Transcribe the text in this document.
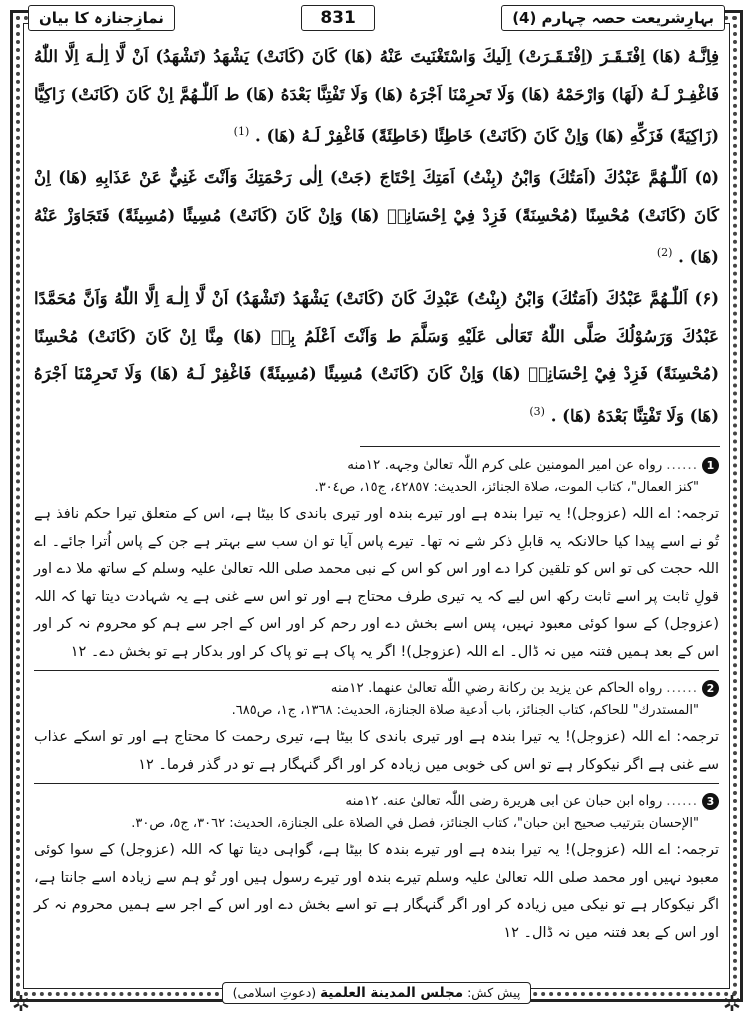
✲	✲
بہارِشریعت حصہ چہارم (4)
831
نمازِجنازہ کا بیان

فِاِنَّـهُ (هَا) اِفْتَـقَـرَ (اِفْتَـقَـرَتْ) اِلَيكَ وَاسْتَغْنَيتَ عَنْهُ (هَا) كَانَ (كَانَتْ) يَشْهَدُ (تَشْهَدُ) اَنْ لَّا اِلٰـهَ اِلَّا اللّٰهُ فَاغْفِـرْ لَـهُ (لَهَا) وَارْحَمْهُ (هَا) وَلَا تَحرِمْنَا اَجْرَهُ (هَا) وَلَا تَفْتِنَّا بَعْدَهُ (هَا) ط اَللّٰـهُمَّ اِنْ كَانَ (كَانَتْ) زَاكِيًّا (زَاكِيَةً) فَزَكِّهِ (هَا) وَاِنْ كَانَ (كَانَتْ) خَاطِئًا (خَاطِئَةً) فَاغْفِرْ لَـهُ (هَا) . $^{(1)}$

(۵) اَللّٰـهُمَّ عَبْدُكَ (اَمَتُكَ) وَابْنُ (بِنْتُ) اَمَتِكَ اِحْتَاجَ (جَتْ) اِلٰى رَحْمَتِكَ وَاَنْتَ غَنِيٌّ عَنْ عَذَابِهِ (هَا) اِنْ كَانَ (كَانَتْ) مُحْسِنًا (مُحْسِنَةً) فَزِدْ فِيْ اِحْسَانِهٖ (هَا) وَاِنْ كَانَ (كَانَتْ) مُسِيئًا (مُسِيئَةً) فَتَجَاوَزْ عَنْهُ (هَا) . $^{(2)}$

(۶) اَللّٰـهُمَّ عَبْدُكَ (اَمَتُكَ) وَابْنُ (بِنْتُ) عَبْدِكَ كَانَ (كَانَتْ) يَشْهَدُ (تَشْهَدُ) اَنْ لَّا اِلٰـهَ اِلَّا اللّٰهُ وَاَنَّ مُحَمَّدًا عَبْدُكَ وَرَسُوْلُكَ صَلَّى اللّٰهُ تَعَالٰى عَلَيْهِ وَسَلَّمَ ط وَاَنْتَ اَعْلَمُ بِهٖ (هَا) مِنَّا اِنْ كَانَ (كَانَتْ) مُحْسِنًا (مُحْسِنَةً) فَزِدْ فِيْ اِحْسَانِهٖ (هَا) وَاِنْ كَانَ (كَانَتْ) مُسِيئًا (مُسِيئَةً) فَاغْفِرْ لَـهُ (هَا) وَلَا تَحرِمْنَا اَجْرَهُ (هَا) وَلَا تَفْتِنَّا بَعْدَهُ (هَا) . $^{(3)}$

1
......
رواه عن امیر المومنین علی کرم اللّٰہ تعالیٰ وجہه. ۱۲منه

"كنز العمال"، كتاب الموت، صلاة الجنائز، الحديث: ٤٢٨٥٧، ج١٥، ص٣٠٤.

ترجمہ: اے اللہ (عزوجل)! یہ تیرا بندہ ہے اور تیرے بندہ اور تیری باندی کا بیٹا ہے، اس کے متعلق تیرا حکم نافذ ہے تُو نے اسے پیدا کیا حالانکہ یہ قابلِ ذکر شے نہ تھا۔ تیرے پاس آیا تو ان سب سے بہتر ہے جن کے پاس اُترا جائے۔ اے اللہ حجت کی تو اس کو تلقین کرا دے اور اس کو اس کے نبی محمد صلی اللہ تعالیٰ علیہ وسلم کے ساتھ ملا دے اور قولِ ثابت پر اسے ثابت رکھ اس لیے کہ یہ تیری طرف محتاج ہے اور تو اس سے غنی ہے یہ شہادت دیتا تھا کہ اللہ (عزوجل) کے سوا کوئی معبود نہیں، پس اسے بخش دے اور رحم کر اور اس کے اجر سے ہم کو محروم نہ کر اور اس کے بعد ہمیں فتنہ میں نہ ڈال۔ اے اللہ (عزوجل)! اگر یہ پاک ہے تو پاک کر اور بدکار ہے تو بخش دے۔ ۱۲

2
......
رواه الحاكم عن يزيد بن ركانة رضي اللّٰه تعالیٰ عنهما. ۱۲منه

"المستدرك" للحاكم، كتاب الجنائز، باب أدعية صلاة الجنازة، الحديث: ١٣٦٨، ج١، ص٦٨٥.

ترجمہ: اے اللہ (عزوجل)! یہ تیرا بندہ ہے اور تیری باندی کا بیٹا ہے، تیری رحمت کا محتاج ہے اور تو اسکے عذاب سے غنی ہے اگر نیکوکار ہے تو اس کی خوبی میں زیادہ کر اور اگر گنہگار ہے تو در گذر فرما۔ ۱۲

3
......
رواه ابن حبان عن ابی هريرة رضی اللّٰہ تعالیٰ عنه. ۱۲منه

"الإحسان بترتيب صحيح ابن حبان"، كتاب الجنائز، فصل في الصلاة على الجنازة، الحديث: ٣٠٦٢، ج٥، ص٣٠.

ترجمہ: اے اللہ (عزوجل)! یہ تیرا بندہ ہے اور تیرے بندہ کا بیٹا ہے، گواہی دیتا تھا کہ اللہ (عزوجل) کے سوا کوئی معبود نہیں اور محمد صلی اللہ تعالیٰ علیہ وسلم تیرے بندہ اور تیرے رسول ہیں اور تُو ہم سے زیادہ اسے جانتا ہے، اگر نیکوکار ہے تو نیکی میں زیادہ کر اور اگر گنہگار ہے تو اسے بخش دے اور اس کے اجر سے ہمیں محروم نہ کر اور اس کے بعد فتنہ میں نہ ڈال۔ ۱۲

پیش کش: مجلس المدينة العلمية (دعوتِ اسلامی)
